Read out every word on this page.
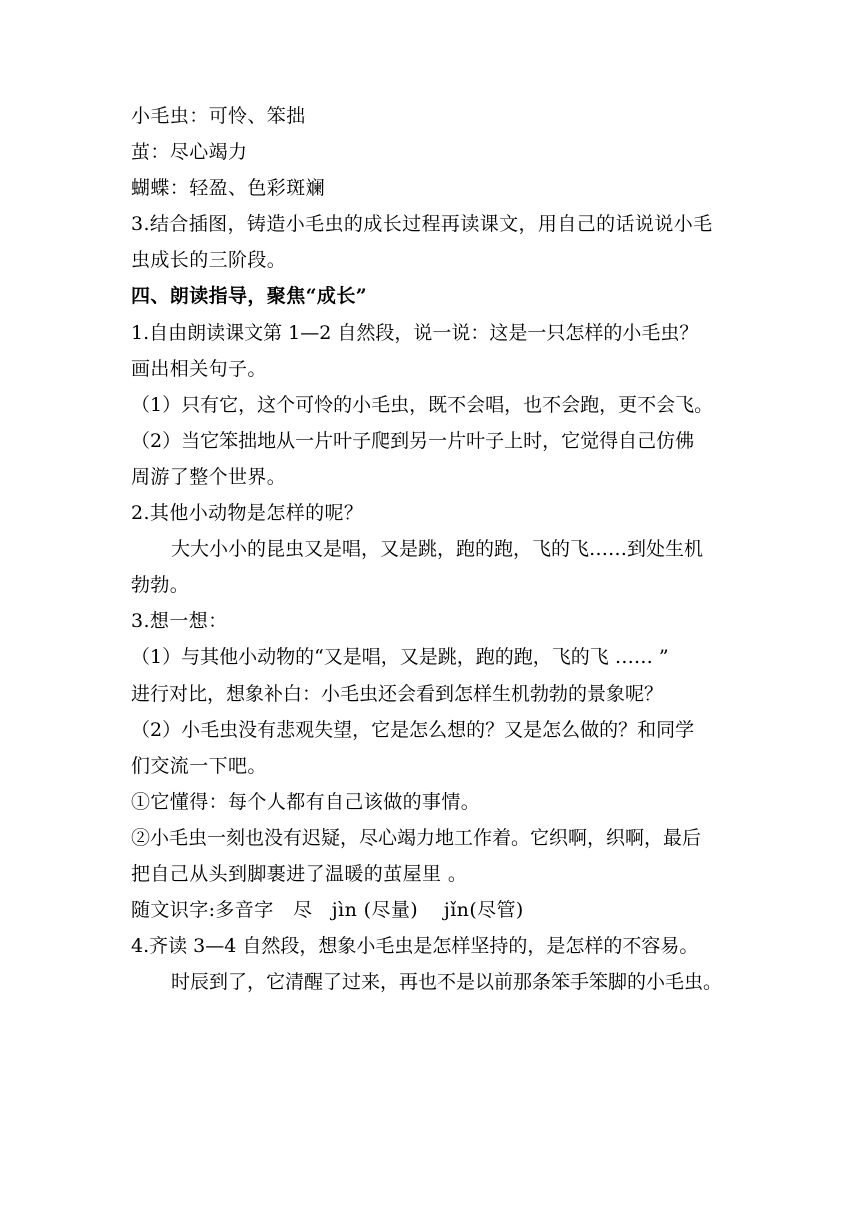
小毛虫：可怜、笨拙
茧：尽心竭力
蝴蝶：轻盈、色彩斑斓
3.结合插图，铸造小毛虫的成长过程再读课文，用自己的话说说小毛
虫成长的三阶段。
四、朗读指导，聚焦“成长”
1.自由朗读课文第 1—2 自然段，说一说：这是一只怎样的小毛虫？
画出相关句子。
（1）只有它，这个可怜的小毛虫，既不会唱，也不会跑，更不会飞。
（2）当它笨拙地从一片叶子爬到另一片叶子上时，它觉得自己仿佛
周游了整个世界。
2.其他小动物是怎样的呢？
大大小小的昆虫又是唱，又是跳，跑的跑，飞的飞……到处生机
勃勃。
3.想一想：
（1）与其他小动物的“又是唱，又是跳，跑的跑，飞的飞 …… ”
进行对比，想象补白：小毛虫还会看到怎样生机勃勃的景象呢？
（2）小毛虫没有悲观失望，它是怎么想的？又是怎么做的？和同学
们交流一下吧。
①它懂得：每个人都有自己该做的事情。
②小毛虫一刻也没有迟疑，尽心竭力地工作着。它织啊，织啊，最后
把自己从头到脚裹进了温暖的茧屋里 。
随文识字:多音字　尽　jìn (尽量)　 jǐn(尽管)
4.齐读 3—4 自然段，想象小毛虫是怎样坚持的，是怎样的不容易。
时辰到了，它清醒了过来，再也不是以前那条笨手笨脚的小毛虫。
